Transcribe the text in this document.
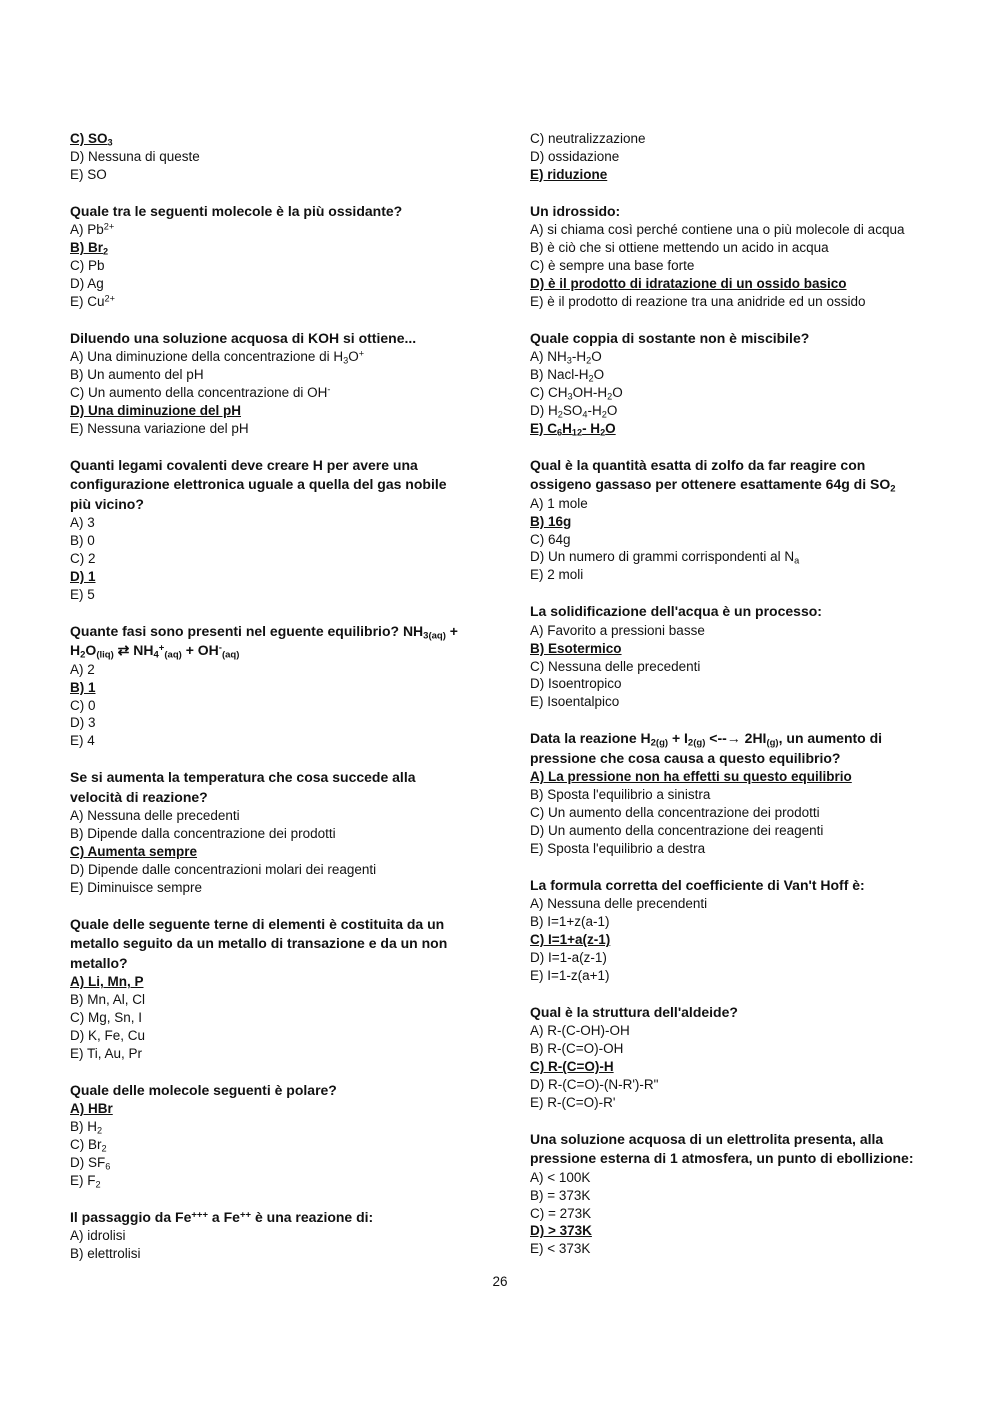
C) $SO_3$
D) Nessuna di queste
E) SO
Quale tra le seguenti molecole è la più ossidante?
A) $Pb^{2+}$
B) $Br_2$
C) Pb
D) Ag
E) $Cu^{2+}$
Diluendo una soluzione acquosa di KOH si ottiene...
A) Una diminuzione della concentrazione di $H_3O^+$
B) Un aumento del pH
C) Un aumento della concentrazione di OH-
D) Una diminuzione del pH
E) Nessuna variazione del pH
Quanti legami covalenti deve creare H per avere una
configurazione elettronica uguale a quella del gas nobile
più vicino?
A) 3
B) 0
C) 2
D) 1
E) 5
Quante fasi sono presenti nel eguente equilibrio? $NH_{3(aq)}$ +
$H_2O_{(liq)}$ ⇄ $NH_4^+_{(aq)} + OH^-_{(aq)}$
A) 2
B) 1
C) 0
D) 3
E) 4
Se si aumenta la temperatura che cosa succede alla
velocità di reazione?
A) Nessuna delle precedenti
B) Dipende dalla concentrazione dei prodotti
C) Aumenta sempre
D) Dipende dalle concentrazioni molari dei reagenti
E) Diminuisce sempre
Quale delle seguente terne di elementi è costituita da un
metallo seguito da un metallo di transazione e da un non
metallo?
A) Li, Mn, P
B) Mn, Al, Cl
C) Mg, Sn, I
D) K, Fe, Cu
E) Ti, Au, Pr
Quale delle molecole seguenti è polare?
A) HBr
B) $H_2$
C) $Br_2$
D) $SF_6$
E) $F_2$
Il passaggio da Fe+++ a Fe++ è una reazione di:
A) idrolisi
B) elettrolisi
C) neutralizzazione
D) ossidazione
E) riduzione
Un idrossido:
A) si chiama così perché contiene una o più molecole di acqua
B) è ciò che si ottiene mettendo un acido in acqua
C) è sempre una base forte
D) è il prodotto di idratazione di un ossido basico
E) è il prodotto di reazione tra una anidride ed un ossido
Quale coppia di sostante non è miscibile?
A) $NH_3-H_2O$
B) Nacl-$H_2O$
C) $CH_3OH-H_2O$
D) $H_2SO_4-H_2O$
E) $C_6H_{12}-$ $H_2O$
Qual è la quantità esatta di zolfo da far reagire con
ossigeno gassaso per ottenere esattamente 64g di $SO_2$
A) 1 mole
B) 16g
C) 64g
D) Un numero di grammi corrispondenti al $N_a$
E) 2 moli
La solidificazione dell'acqua è un processo:
A) Favorito a pressioni basse
B) Esotermico
C) Nessuna delle precedenti
D) Isoentropico
E) Isoentalpico
Data la reazione $H_{2(g)} + I_{2(g)}$ <--→ $2HI_{(g)}$, un aumento di
pressione che cosa causa a questo equilibrio?
A) La pressione non ha effetti su questo equilibrio
B) Sposta l'equilibrio a sinistra
C) Un aumento della concentrazione dei prodotti
D) Un aumento della concentrazione dei reagenti
E) Sposta l'equilibrio a destra
La formula corretta del coefficiente di Van't Hoff è:
A) Nessuna delle precendenti
B) I=1+z(a-1)
C) I=1+a(z-1)
D) I=1-a(z-1)
E) I=1-z(a+1)
Qual è la struttura dell'aldeide?
A) R-(C-OH)-OH
B) R-(C=O)-OH
C) R-(C=O)-H
D) R-(C=O)-(N-R')-R"
E) R-(C=O)-R'
Una soluzione acquosa di un elettrolita presenta, alla
pressione esterna di 1 atmosfera, un punto di ebollizione:
A) < 100K
B) = 373K
C) = 273K
D) > 373K
E) < 373K
26
